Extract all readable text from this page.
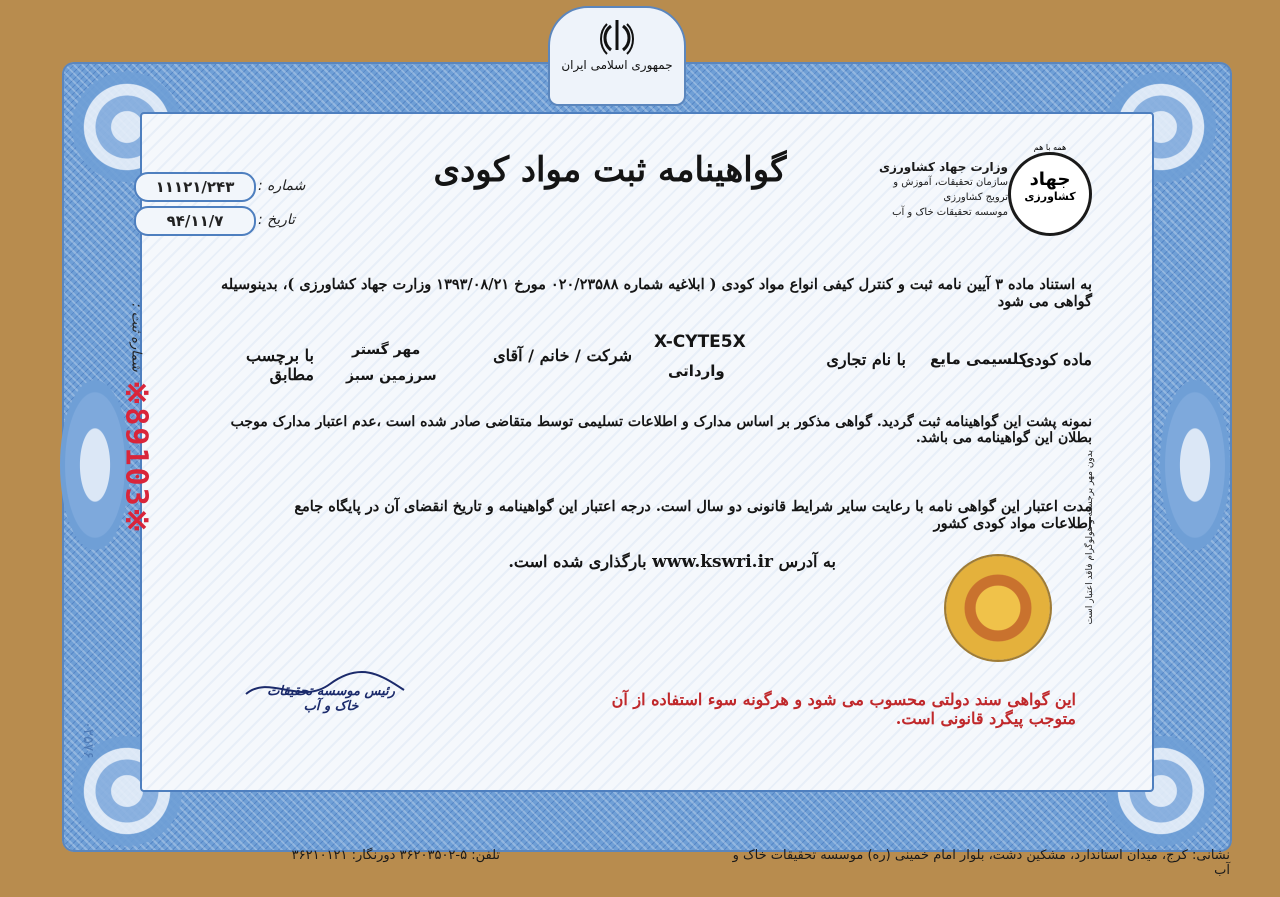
جمهوری اسلامی ایران
گواهینامه ثبت مواد کودی
شماره :
۱۱۱۲۱/۲۴۳
تاریخ :
۹۴/۱۱/۷
همه با هم
جهاد
کشاورزی
وزارت جهاد کشاورزی
سازمان تحقیقات، آموزش و ترویج کشاورزی
موسسه تحقیقات خاک و آب
به استناد ماده ۳ آیین نامه ثبت و کنترل کیفی انواع مواد کودی ( ابلاغیه شماره ۰۲۰/۲۳۵۸۸ مورخ ۱۳۹۳/۰۸/۲۱ وزارت جهاد کشاورزی )، بدینوسیله گواهی می شود
ماده کودی
کلسیمی مایع
با نام تجاری
X-CYTE5X
وارداتی
شرکت / خانم / آقای
مهر گستر
سرزمین سبز
با برچسب مطابق
نمونه پشت این گواهینامه ثبت گردید. گواهی مذکور بر اساس مدارک و اطلاعات تسلیمی توسط متقاضی صادر شده است ،عدم اعتبار مدارک موجب بطلان این گواهینامه می باشد.
مدت اعتبار این گواهی نامه با رعایت سایر شرایط قانونی دو سال است. درجه اعتبار این گواهینامه و تاریخ انقضای آن در پایگاه جامع اطلاعات مواد کودی کشور
به آدرس www.kswri.ir بارگذاری شده است.
شماره ثبت :
※89103※
۰۲۵۷۶
بدون مهر برجسته و هولوگرام فاقد اعتبار است
این گواهی سند دولتی محسوب می شود و هرگونه سوء استفاده از آن متوجب پیگرد قانونی است.
رئیس موسسه تحقیقات خاک و آب
نشانی: کرج، میدان استاندارد، مشکین دشت، بلوار امام خمینی (ره) موسسه تحقیقات خاک و آب
تلفن: ۵-۳۶۲۰۳۵۰۲ دورنگار: ۳۶۲۱۰۱۲۱
